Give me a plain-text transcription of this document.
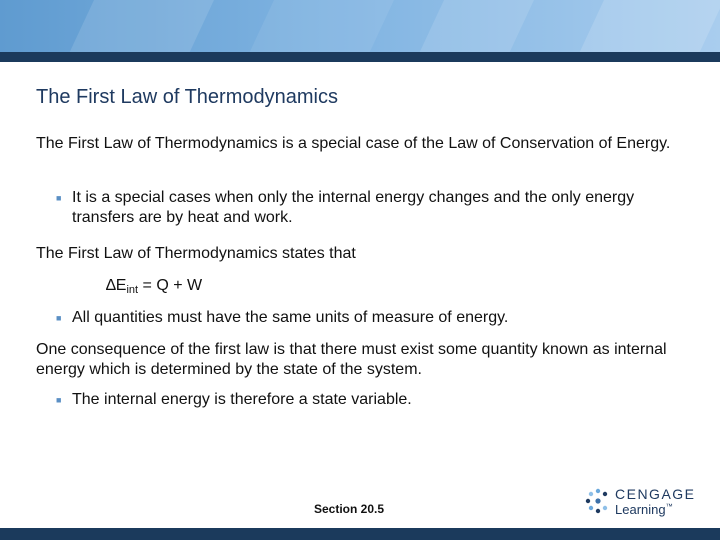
The First Law of Thermodynamics
The First Law of Thermodynamics is a special case of the Law of Conservation of Energy.
■
It is a special cases when only the internal energy changes and the only energy transfers are by heat and work.
The First Law of Thermodynamics states that
$\Delta E_{int} = Q + W$
■
All quantities must have the same units of measure of energy.
One consequence of the first law is that there must exist some quantity known as internal energy which is determined by the state of the system.
■
The internal energy is therefore a state variable.
Section 20.5
CENGAGE
Learning™
